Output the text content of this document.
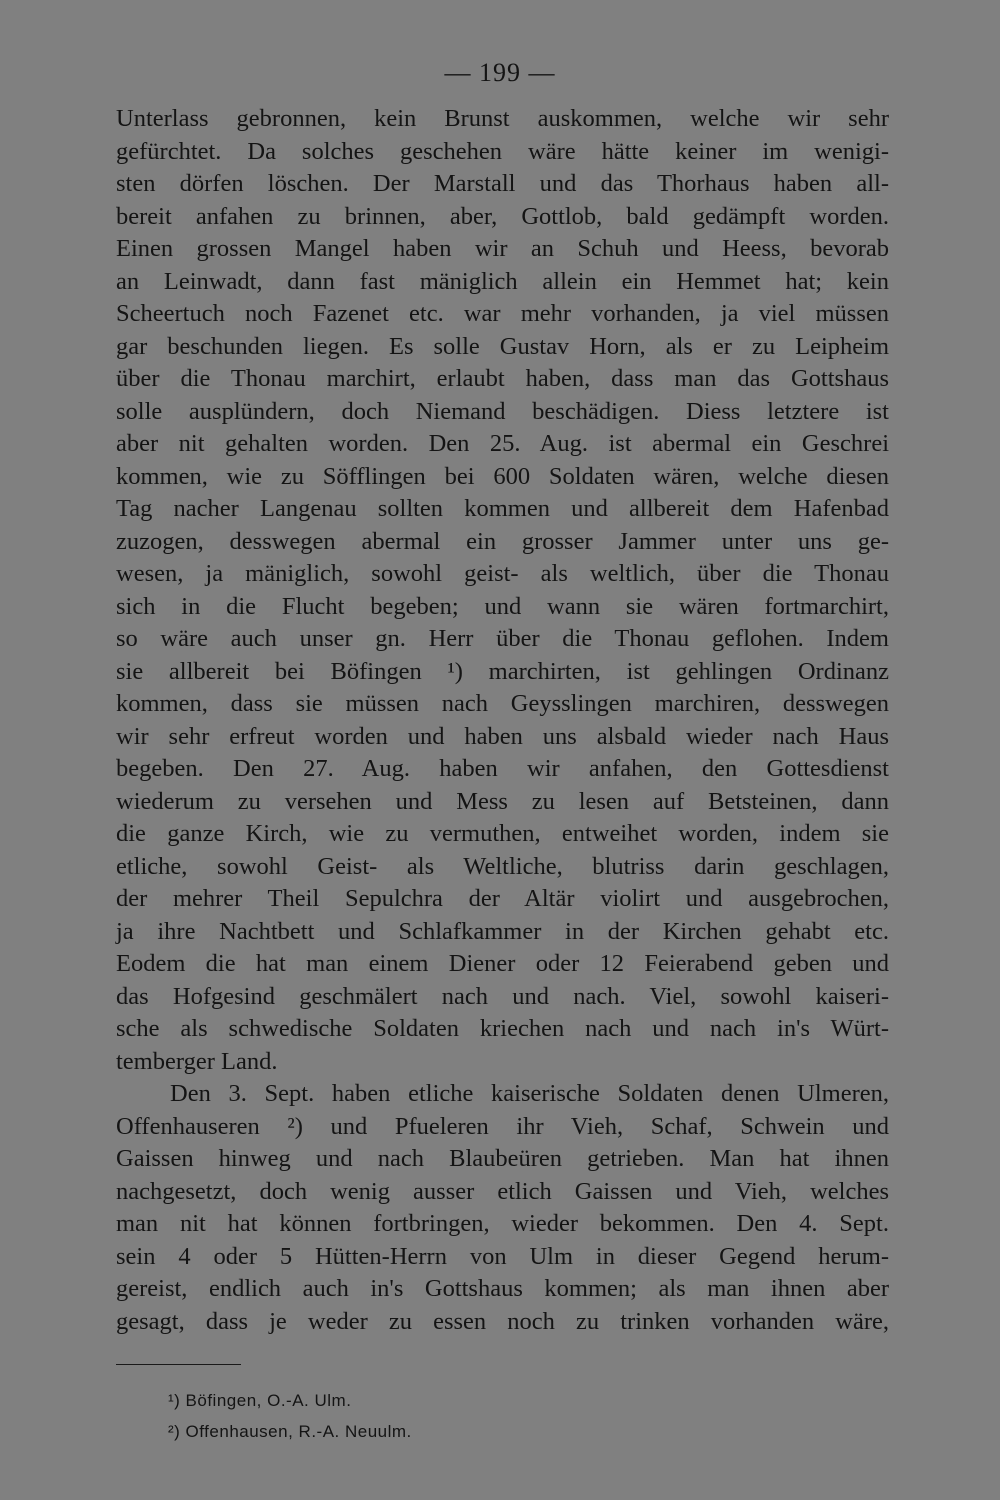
— 199 —
Unterlass gebronnen, kein Brunst auskommen, welche wir sehr
gefürchtet. Da solches geschehen wäre hätte keiner im wenigi-
sten dörfen löschen. Der Marstall und das Thorhaus haben all-
bereit anfahen zu brinnen, aber, Gottlob, bald gedämpft worden.
Einen grossen Mangel haben wir an Schuh und Heess, bevorab
an Leinwadt, dann fast mäniglich allein ein Hemmet hat; kein
Scheertuch noch Fazenet etc. war mehr vorhanden, ja viel müssen
gar beschunden liegen. Es solle Gustav Horn, als er zu Leipheim
über die Thonau marchirt, erlaubt haben, dass man das Gottshaus
solle ausplündern, doch Niemand beschädigen. Diess letztere ist
aber nit gehalten worden. Den 25. Aug. ist abermal ein Geschrei
kommen, wie zu Söfflingen bei 600 Soldaten wären, welche diesen
Tag nacher Langenau sollten kommen und allbereit dem Hafenbad
zuzogen, desswegen abermal ein grosser Jammer unter uns ge-
wesen, ja mäniglich, sowohl geist- als weltlich, über die Thonau
sich in die Flucht begeben; und wann sie wären fortmarchirt,
so wäre auch unser gn. Herr über die Thonau geflohen. Indem
sie allbereit bei Böfingen ¹) marchirten, ist gehlingen Ordinanz
kommen, dass sie müssen nach Geysslingen marchiren, desswegen
wir sehr erfreut worden und haben uns alsbald wieder nach Haus
begeben. Den 27. Aug. haben wir anfahen, den Gottesdienst
wiederum zu versehen und Mess zu lesen auf Betsteinen, dann
die ganze Kirch, wie zu vermuthen, entweihet worden, indem sie
etliche, sowohl Geist- als Weltliche, blutriss darin geschlagen,
der mehrer Theil Sepulchra der Altär violirt und ausgebrochen,
ja ihre Nachtbett und Schlafkammer in der Kirchen gehabt etc.
Eodem die hat man einem Diener oder 12 Feierabend geben und
das Hofgesind geschmälert nach und nach. Viel, sowohl kaiseri-
sche als schwedische Soldaten kriechen nach und nach in's Würt-
temberger Land.
Den 3. Sept. haben etliche kaiserische Soldaten denen Ulmeren,
Offenhauseren ²) und Pfueleren ihr Vieh, Schaf, Schwein und
Gaissen hinweg und nach Blaubeüren getrieben. Man hat ihnen
nachgesetzt, doch wenig ausser etlich Gaissen und Vieh, welches
man nit hat können fortbringen, wieder bekommen. Den 4. Sept.
sein 4 oder 5 Hütten-Herrn von Ulm in dieser Gegend herum-
gereist, endlich auch in's Gottshaus kommen; als man ihnen aber
gesagt, dass je weder zu essen noch zu trinken vorhanden wäre,
¹) Böfingen, O.-A. Ulm.
²) Offenhausen, R.-A. Neuulm.
